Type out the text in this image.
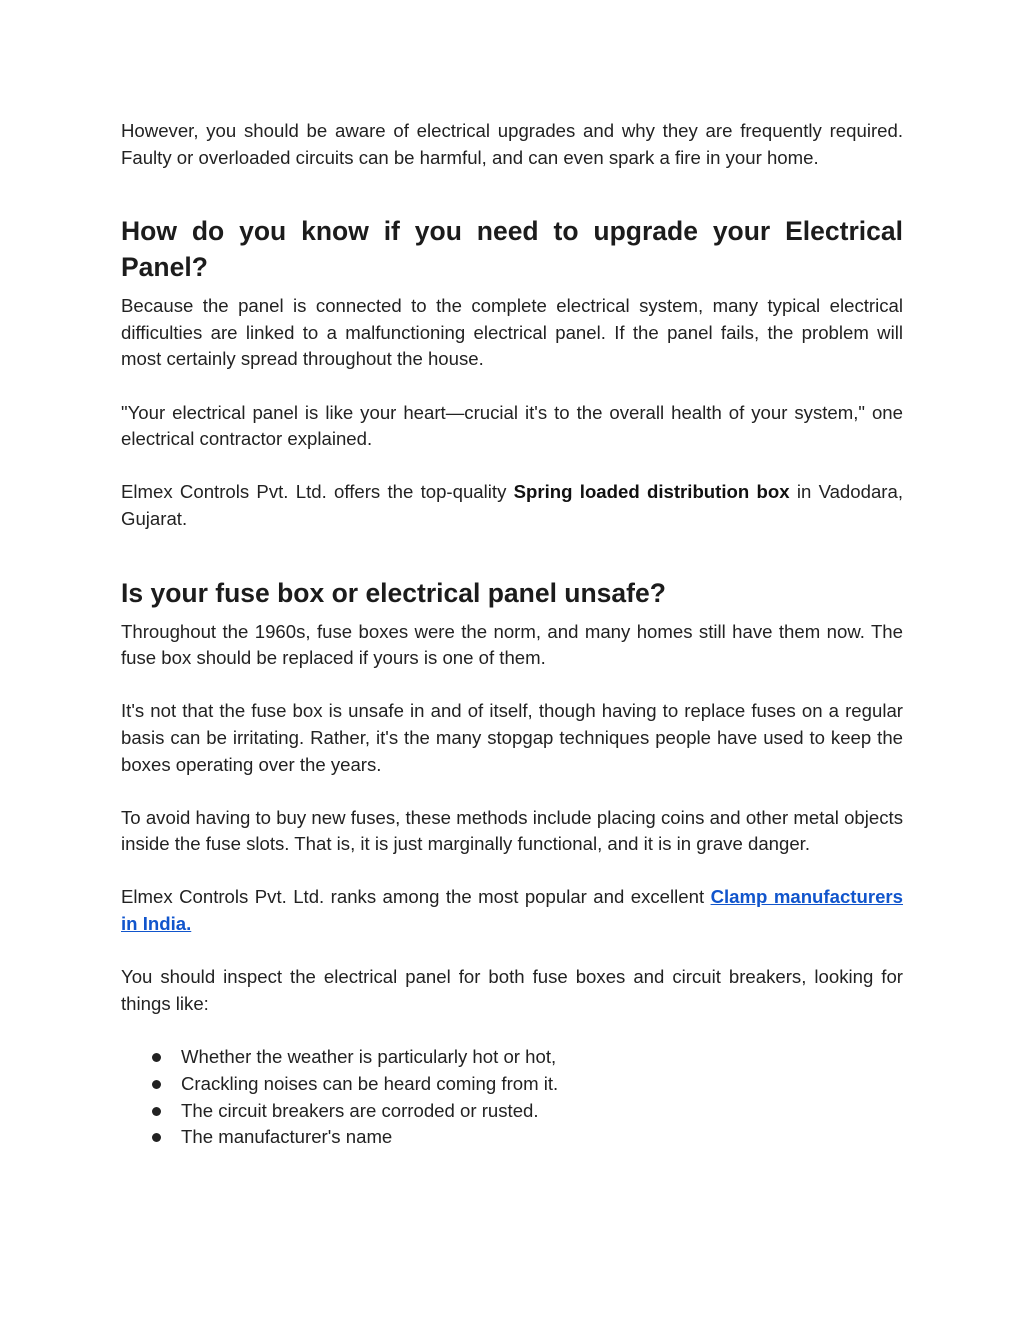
However, you should be aware of electrical upgrades and why they are frequently required. Faulty or overloaded circuits can be harmful, and can even spark a fire in your home.

How do you know if you need to upgrade your Electrical Panel?

Because the panel is connected to the complete electrical system, many typical electrical difficulties are linked to a malfunctioning electrical panel. If the panel fails, the problem will most certainly spread throughout the house.

"Your electrical panel is like your heart—crucial it's to the overall health of your system," one electrical contractor explained.

Elmex Controls Pvt. Ltd. offers the top-quality Spring loaded distribution box in Vadodara, Gujarat.

Is your fuse box or electrical panel unsafe?

Throughout the 1960s, fuse boxes were the norm, and many homes still have them now. The fuse box should be replaced if yours is one of them.

It's not that the fuse box is unsafe in and of itself, though having to replace fuses on a regular basis can be irritating. Rather, it's the many stopgap techniques people have used to keep the boxes operating over the years.

To avoid having to buy new fuses, these methods include placing coins and other metal objects inside the fuse slots. That is, it is just marginally functional, and it is in grave danger.

Elmex Controls Pvt. Ltd. ranks among the most popular and excellent Clamp manufacturers in India.

You should inspect the electrical panel for both fuse boxes and circuit breakers, looking for things like:

Whether the weather is particularly hot or hot,
Crackling noises can be heard coming from it.
The circuit breakers are corroded or rusted.
The manufacturer's name
